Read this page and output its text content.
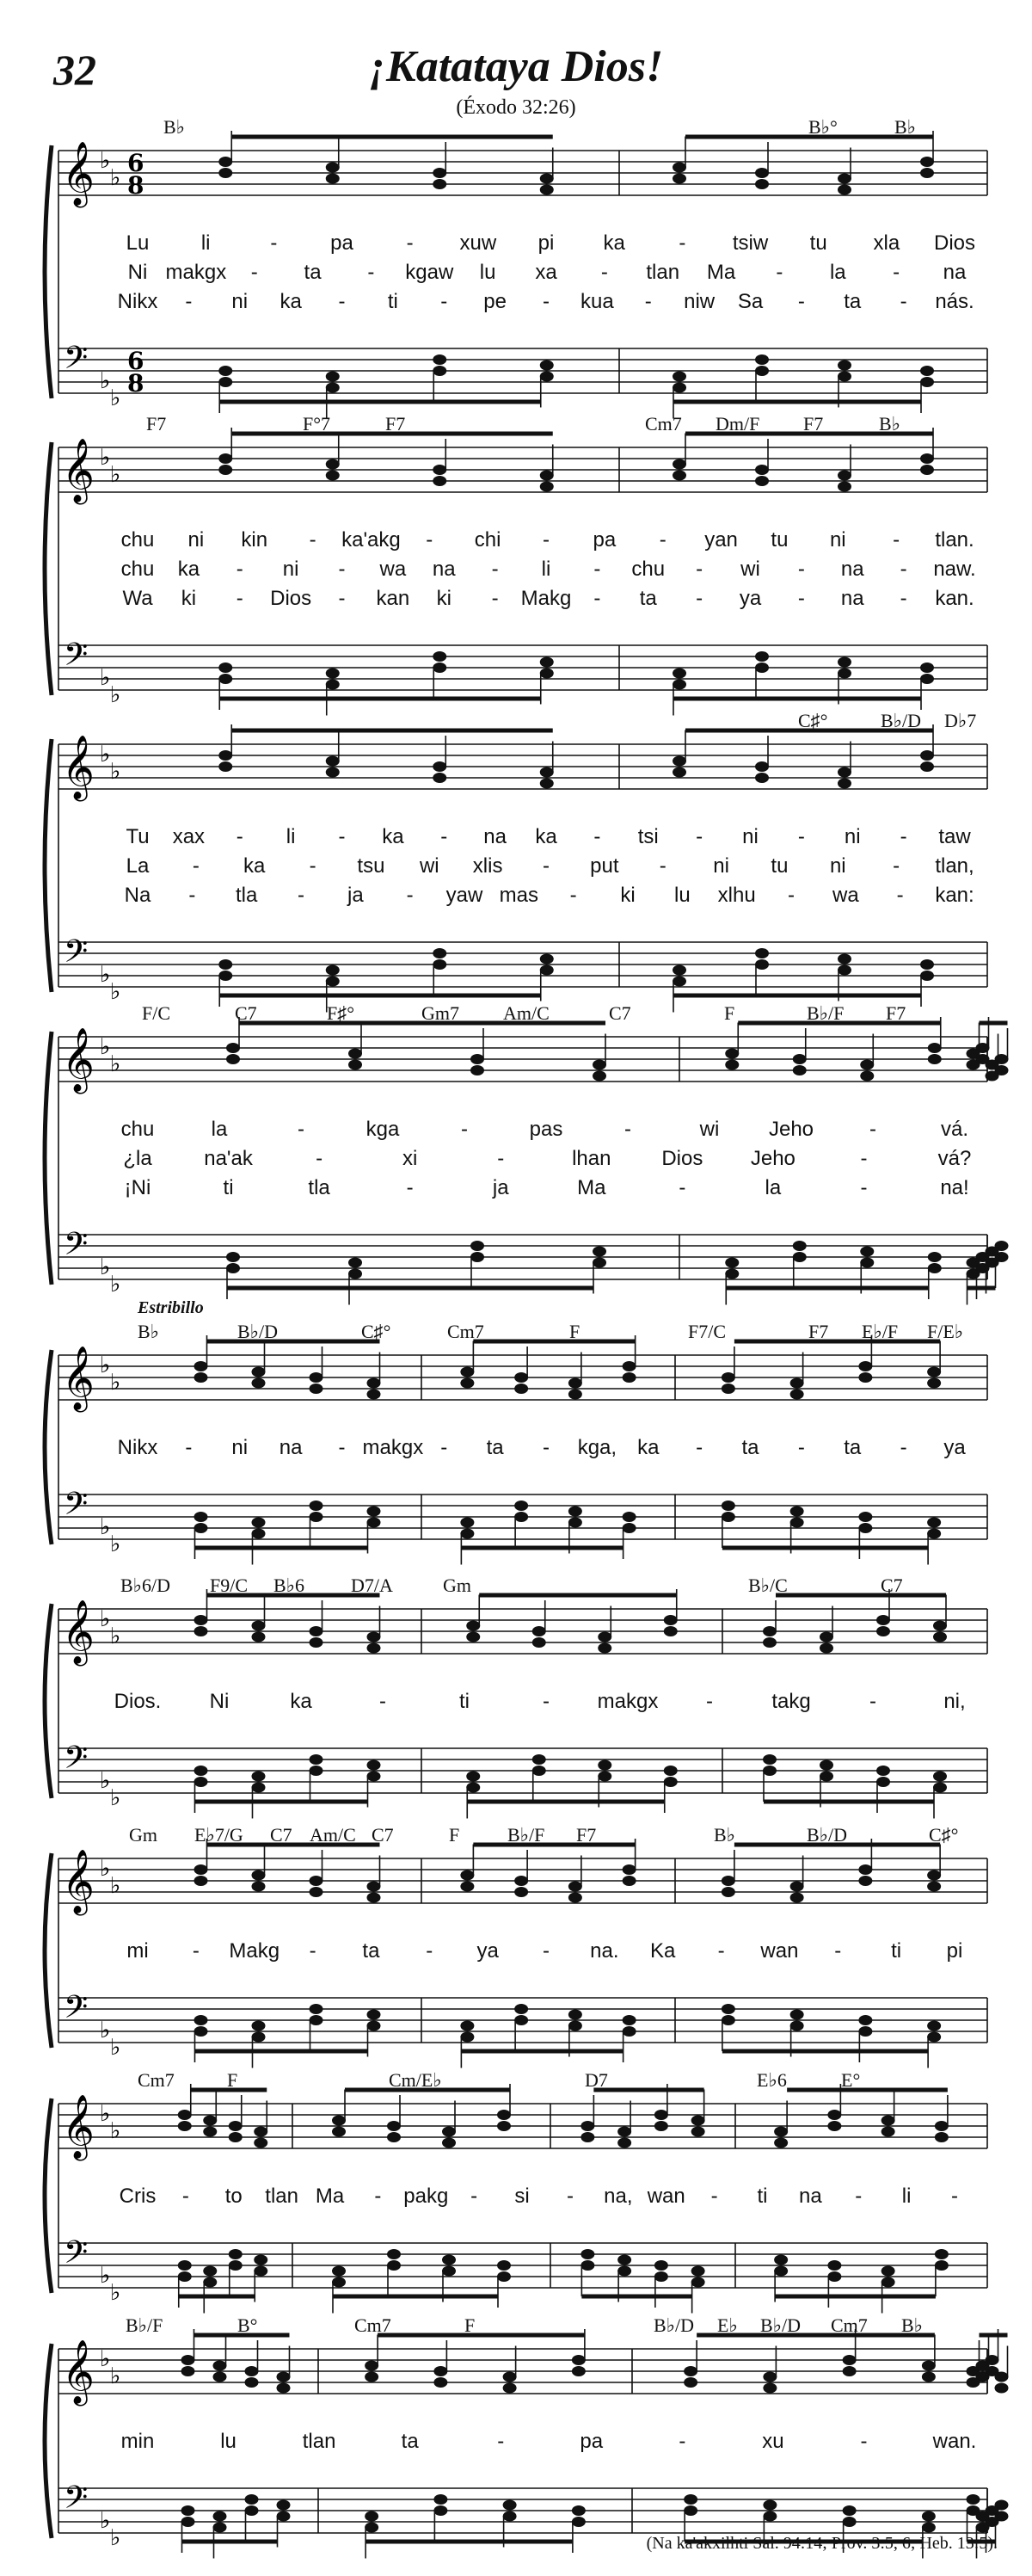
32	¡Katataya Dios!
(Éxodo 32:26)
𝄞
𝄢
♭
♭
♭
♭
6
6
8
8
B♭	B♭°	B♭
Lu	li	-	pa	- xuw pi ka	- tsiw tu xla Dios
Ni makgx - ta - kgaw lu xa - tlan Ma - la - na
Nikx - ni ka - ti - pe - kua - niw Sa - ta - nás.
𝄞
𝄢
♭
♭
♭
♭
F7	F°7	F7	Cm7 Dm/F F7	B♭
chu ni kin - ka'akg - chi - pa - yan tu ni - tlan.
chu ka - ni - wa na - li - chu - wi - na - naw.
Wa ki - Dios - kan ki - Makg - ta - ya - na - kan.
𝄞
𝄢
♭
♭
♭
♭
C♯°	B♭/D D♭7
Tu xax - li - ka - na ka - tsi - ni - ni - taw
La - ka - tsu wi xlis - put - ni tu ni - tlan,
Na - tla - ja - yaw mas - ki lu xlhu - wa - kan:
𝄞
𝄢
♭
♭
♭
♭
F/C	C7	F♯°	Gm7 Am/C	C7	F	B♭/F F7
chu	la	-	kga	-	pas	-	wi Jeho	-	vá.
¿la	na'ak	-	xi	-	lhan Dios Jeho	-	vá?
¡Ni	ti	tla	-	ja	Ma	-	la	-	na!
𝄞
𝄢
♭
♭
♭
♭
Estribillo
B♭	B♭/D	C♯°	Cm7	F	F7/C	F7 E♭/F F/E♭
Nikx - ni na - makgx - ta - kga, ka - ta - ta - ya
𝄞
𝄢
♭
♭
♭
♭
B♭6/D F9/C B♭6 D7/A	Gm	B♭/C	C7
Dios. Ni	ka	-	ti	- makgx -	takg	-	ni,
𝄞
𝄢
♭
♭
♭
♭
Gm E♭7/G C7 Am/C C7	F	B♭/F F7	B♭	B♭/D	C♯°
mi - Makg - ta - ya - na. Ka - wan - ti pi
𝄞
𝄢
♭
♭
♭
♭
Cm7	F	Cm/E♭	D7	E♭6	E°
Cris - to tlan Ma - pakg - si - na, wan - ti na - li -
𝄞
𝄢
♭
♭
♭
♭
B♭/F	B°	Cm7	F	B♭/D E♭ B♭/D Cm7 B♭
min	lu	tlan	ta	-	pa	-	xu	-	wan.
(Na ka'akxilhti Sal. 94:14; Prov. 3:5, 6; Heb. 13:5).
